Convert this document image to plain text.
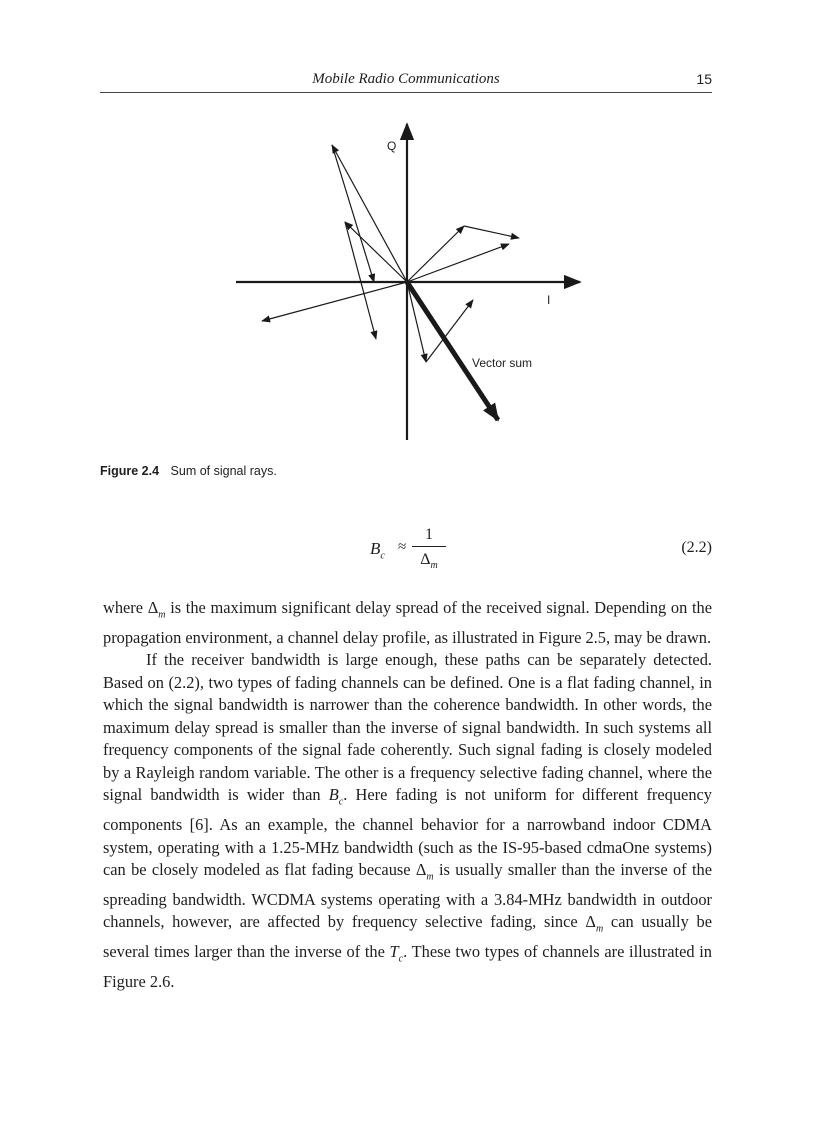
Mobile Radio Communications	15
Q
I
Vector sum
Figure 2.4 Sum of signal rays.
$B_c$
≈ $\frac{1}{\Delta_m}$	(2.2)

where $\Delta_m$ is the maximum significant delay spread of the received signal. Depending on the propagation environment, a channel delay profile, as illustrated in Figure 2.5, may be drawn.

If the receiver bandwidth is large enough, these paths can be separately detected. Based on (2.2), two types of fading channels can be defined. One is a flat fading channel, in which the signal bandwidth is narrower than the coherence bandwidth. In other words, the maximum delay spread is smaller than the inverse of signal bandwidth. In such systems all frequency components of the signal fade coherently. Such signal fading is closely modeled by a Rayleigh random variable. The other is a frequency selective fading channel, where the signal bandwidth is wider than $B_c$. Here fading is not uniform for different frequency components [6]. As an example, the channel behavior for a narrowband indoor CDMA system, operating with a 1.25-MHz bandwidth (such as the IS-95-based cdmaOne systems) can be closely modeled as flat fading because $\Delta_m$ is usually smaller than the inverse of the spreading bandwidth. WCDMA systems operating with a 3.84-MHz bandwidth in outdoor channels, however, are affected by frequency selective fading, since $\Delta_m$ can usually be several times larger than the inverse of the $T_c$. These two types of channels are illustrated in Figure 2.6.
